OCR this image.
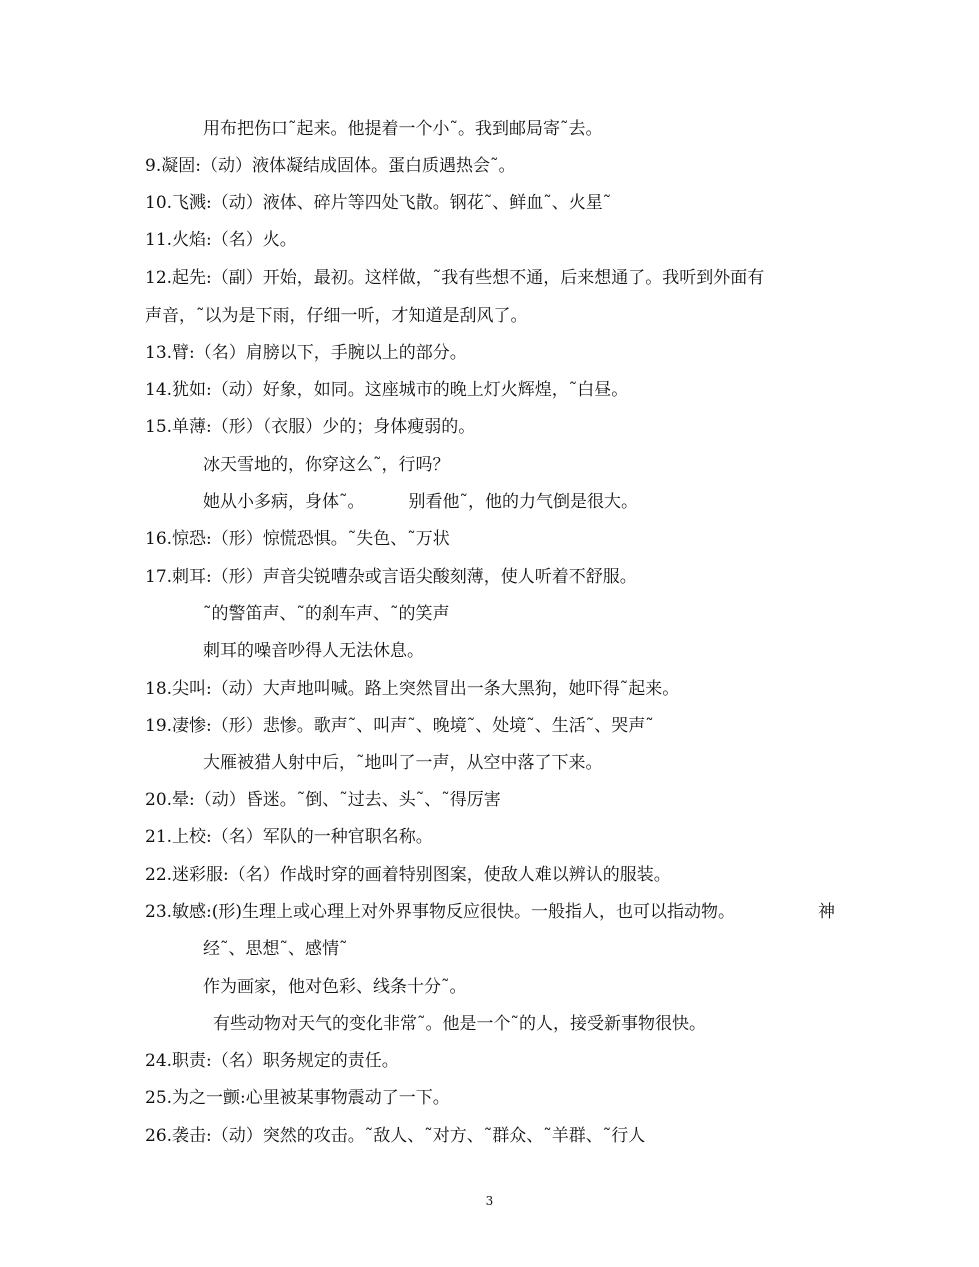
用布把伤口˜起来。他提着一个小˜。我到邮局寄˜去。
9.凝固:（动）液体凝结成固体。蛋白质遇热会˜。
10.飞溅:（动）液体、碎片等四处飞散。钢花˜、鲜血˜、火星˜
11.火焰:（名）火。
12.起先:（副）开始，最初。这样做，˜我有些想不通，后来想通了。我听到外面有
声音，˜以为是下雨，仔细一听，才知道是刮风了。
13.臂:（名）肩膀以下，手腕以上的部分。
14.犹如:（动）好象，如同。这座城市的晚上灯火辉煌，˜白昼。
15.单薄:（形）（衣服）少的；身体瘦弱的。
冰天雪地的，你穿这么˜，行吗？
她从小多病，身体˜。	别看他˜，他的力气倒是很大。
16.惊恐:（形）惊慌恐惧。˜失色、˜万状
17.刺耳:（形）声音尖锐嘈杂或言语尖酸刻薄，使人听着不舒服。
˜的警笛声、˜的刹车声、˜的笑声
刺耳的噪音吵得人无法休息。
18.尖叫:（动）大声地叫喊。路上突然冒出一条大黑狗，她吓得˜起来。
19.凄惨:（形）悲惨。歌声˜、叫声˜、晚境˜、处境˜、生活˜、哭声˜
大雁被猎人射中后，˜地叫了一声，从空中落了下来。
20.晕:（动）昏迷。˜倒、˜过去、头˜、˜得厉害
21.上校:（名）军队的一种官职名称。
22.迷彩服:（名）作战时穿的画着特别图案，使敌人难以辨认的服装。
23.敏感:(形)生理上或心理上对外界事物反应很快。一般指人，也可以指动物。	神
经˜、思想˜、感情˜
作为画家，他对色彩、线条十分˜。
有些动物对天气的变化非常˜。他是一个˜的人，接受新事物很快。
24.职责:（名）职务规定的责任。
25.为之一颤:心里被某事物震动了一下。
26.袭击:（动）突然的攻击。˜敌人、˜对方、˜群众、˜羊群、˜行人
3
